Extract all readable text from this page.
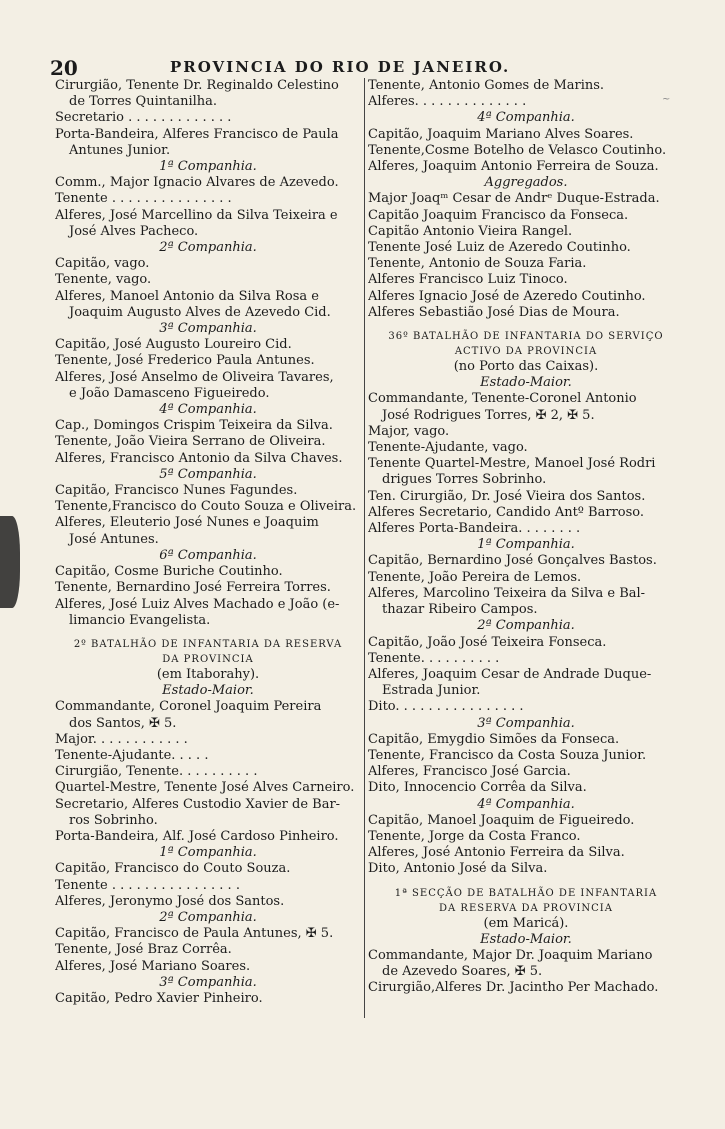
20	PROVINCIA DO RIO DE JANEIRO.
~
Cirurgião, Tenente Dr. Reginaldo Celestino
de Torres Quintanilha.
Secretario . . . . . . . . . . . . .
Porta-Bandeira, Alferes Francisco de Paula
Antunes Junior.
1ª Companhia.
Comm., Major Ignacio Alvares de Azevedo.
Tenente . . . . . . . . . . . . . . .
Alferes, José Marcellino da Silva Teixeira e
José Alves Pacheco.
2ª Companhia.
Capitão, vago.
Tenente, vago.
Alferes, Manoel Antonio da Silva Rosa e
Joaquim Augusto Alves de Azevedo Cid.
3ª Companhia.
Capitão, José Augusto Loureiro Cid.
Tenente, José Frederico Paula Antunes.
Alferes, José Anselmo de Oliveira Tavares,
e João Damasceno Figueiredo.
4ª Companhia.
Cap., Domingos Crispim Teixeira da Silva.
Tenente, João Vieira Serrano de Oliveira.
Alferes, Francisco Antonio da Silva Chaves.
5ª Companhia.
Capitão, Francisco Nunes Fagundes.
Tenente,Francisco do Couto Souza e Oliveira.
Alferes, Eleuterio José Nunes e Joaquim
José Antunes.
6ª Companhia.
Capitão, Cosme Buriche Coutinho.
Tenente, Bernardino José Ferreira Torres.
Alferes, José Luiz Alves Machado e João (e-
limancio Evangelista.
2º BATALHÃO DE INFANTARIA DA RESERVA
DA PROVINCIA
(em Itaborahy).
Estado-Maior.
Commandante, Coronel Joaquim Pereira
dos Santos, ✠ 5.
Major. . . . . . . . . . . .
Tenente-Ajudante. . . . .
Cirurgião, Tenente. . . . . . . . . .
Quartel-Mestre, Tenente José Alves Carneiro.
Secretario, Alferes Custodio Xavier de Bar-
ros Sobrinho.
Porta-Bandeira, Alf. José Cardoso Pinheiro.
1ª Companhia.
Capitão, Francisco do Couto Souza.
Tenente . . . . . . . . . . . . . . . .
Alferes, Jeronymo José dos Santos.
2ª Companhia.
Capitão, Francisco de Paula Antunes, ✠ 5.
Tenente, José Braz Corrêa.
Alferes, José Mariano Soares.
3ª Companhia.
Capitão, Pedro Xavier Pinheiro.
Tenente, Antonio Gomes de Marins.
Alferes. . . . . . . . . . . . . .
4ª Companhia.
Capitão, Joaquim Mariano Alves Soares.
Tenente,Cosme Botelho de Velasco Coutinho.
Alferes, Joaquim Antonio Ferreira de Souza.
Aggregados.
Major Joaqᵐ Cesar de Andrᵉ Duque-Estrada.
Capitão Joaquim Francisco da Fonseca.
Capitão Antonio Vieira Rangel.
Tenente José Luiz de Azeredo Coutinho.
Tenente, Antonio de Souza Faria.
Alferes Francisco Luiz Tinoco.
Alferes Ignacio José de Azeredo Coutinho.
Alferes Sebastião José Dias de Moura.
36º BATALHÃO DE INFANTARIA DO SERVIÇO
ACTIVO DA PROVINCIA
(no Porto das Caixas).
Estado-Maior.
Commandante, Tenente-Coronel Antonio
José Rodrigues Torres, ✠ 2, ✠ 5.
Major, vago.
Tenente-Ajudante, vago.
Tenente Quartel-Mestre, Manoel José Rodri
drigues Torres Sobrinho.
Ten. Cirurgião, Dr. José Vieira dos Santos.
Alferes Secretario, Candido Antº Barroso.
Alferes Porta-Bandeira. . . . . . . .
1ª Companhia.
Capitão, Bernardino José Gonçalves Bastos.
Tenente, João Pereira de Lemos.
Alferes, Marcolino Teixeira da Silva e Bal-
thazar Ribeiro Campos.
2ª Companhia.
Capitão, João José Teixeira Fonseca.
Tenente. . . . . . . . . .
Alferes, Joaquim Cesar de Andrade Duque-
Estrada Junior.
Dito. . . . . . . . . . . . . . . .
3ª Companhia.
Capitão, Emygdio Simões da Fonseca.
Tenente, Francisco da Costa Souza Junior.
Alferes, Francisco José Garcia.
Dito, Innocencio Corrêa da Silva.
4ª Companhia.
Capitão, Manoel Joaquim de Figueiredo.
Tenente, Jorge da Costa Franco.
Alferes, José Antonio Ferreira da Silva.
Dito, Antonio José da Silva.
1ª SECÇÃO DE BATALHÃO DE INFANTARIA
DA RESERVA DA PROVINCIA
(em Maricá).
Estado-Maior.
Commandante, Major Dr. Joaquim Mariano
de Azevedo Soares, ✠ 5.
Cirurgião,Alferes Dr. Jacintho Per Machado.
